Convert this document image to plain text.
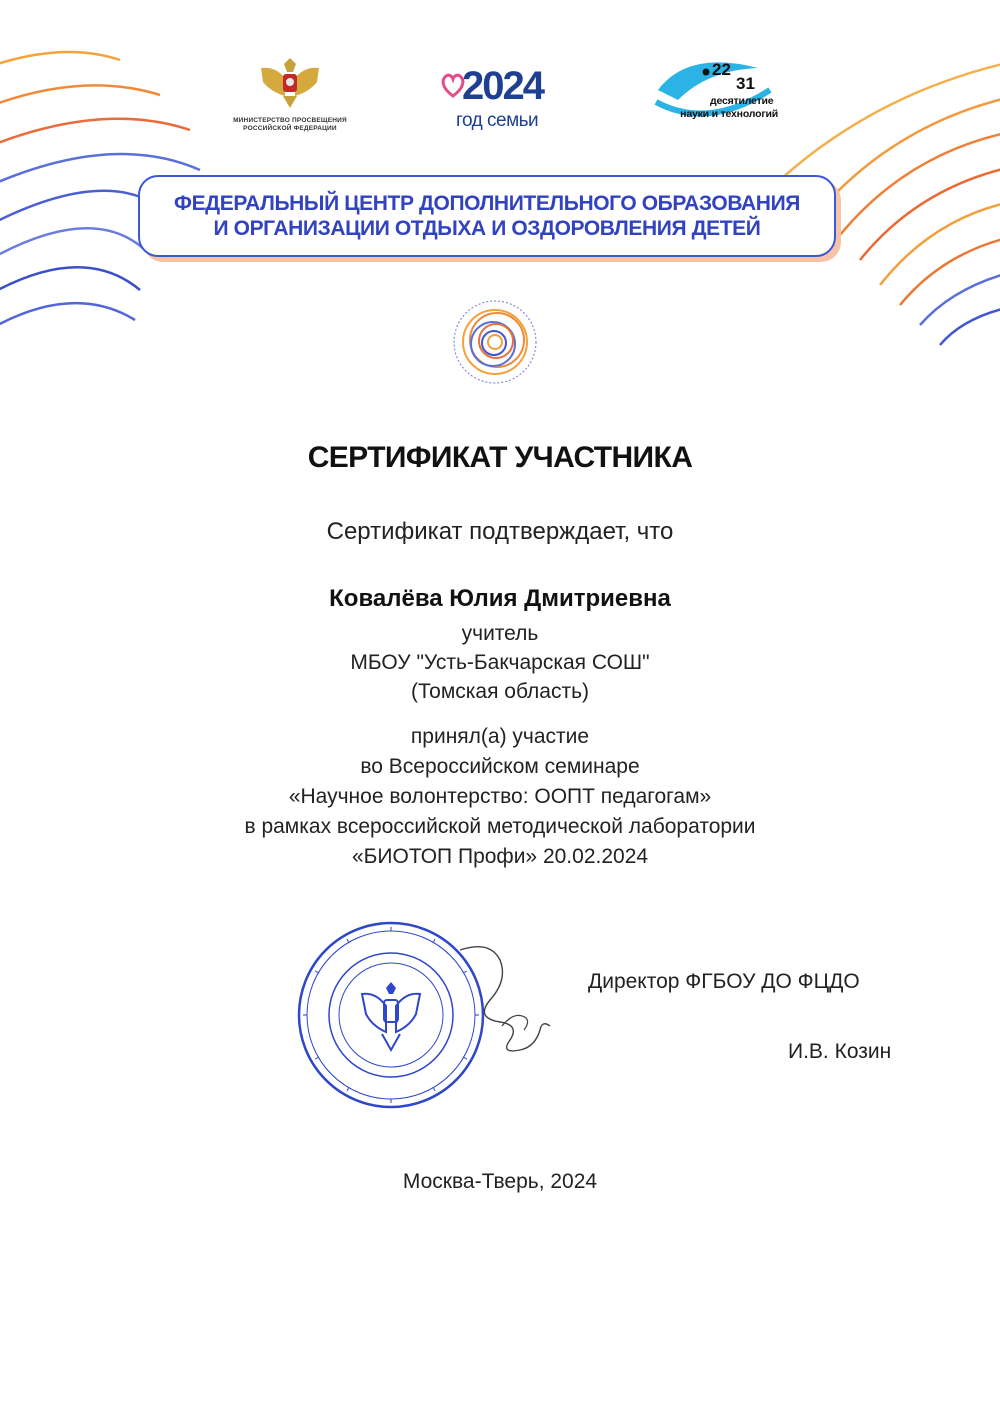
МИНИСТЕРСТВО ПРОСВЕЩЕНИЯ
РОССИЙСКОЙ ФЕДЕРАЦИИ
2024
год семьи
22
31
десятилетие
науки и технологий
ФЕДЕРАЛЬНЫЙ ЦЕНТР ДОПОЛНИТЕЛЬНОГО ОБРАЗОВАНИЯ
И ОРГАНИЗАЦИИ ОТДЫХА И ОЗДОРОВЛЕНИЯ ДЕТЕЙ
СЕРТИФИКАТ УЧАСТНИКА
Сертификат подтверждает, что
Ковалёва Юлия Дмитриевна
учитель
МБОУ "Усть-Бакчарская СОШ"
(Томская область)
принял(а) участие
во Всероссийском семинаре
«Научное волонтерство: ООПТ педагогам»
в рамках всероссийской методической лаборатории
«БИОТОП Профи» 20.02.2024
Директор ФГБОУ ДО ФЦДО
И.В. Козин
Москва-Тверь, 2024
